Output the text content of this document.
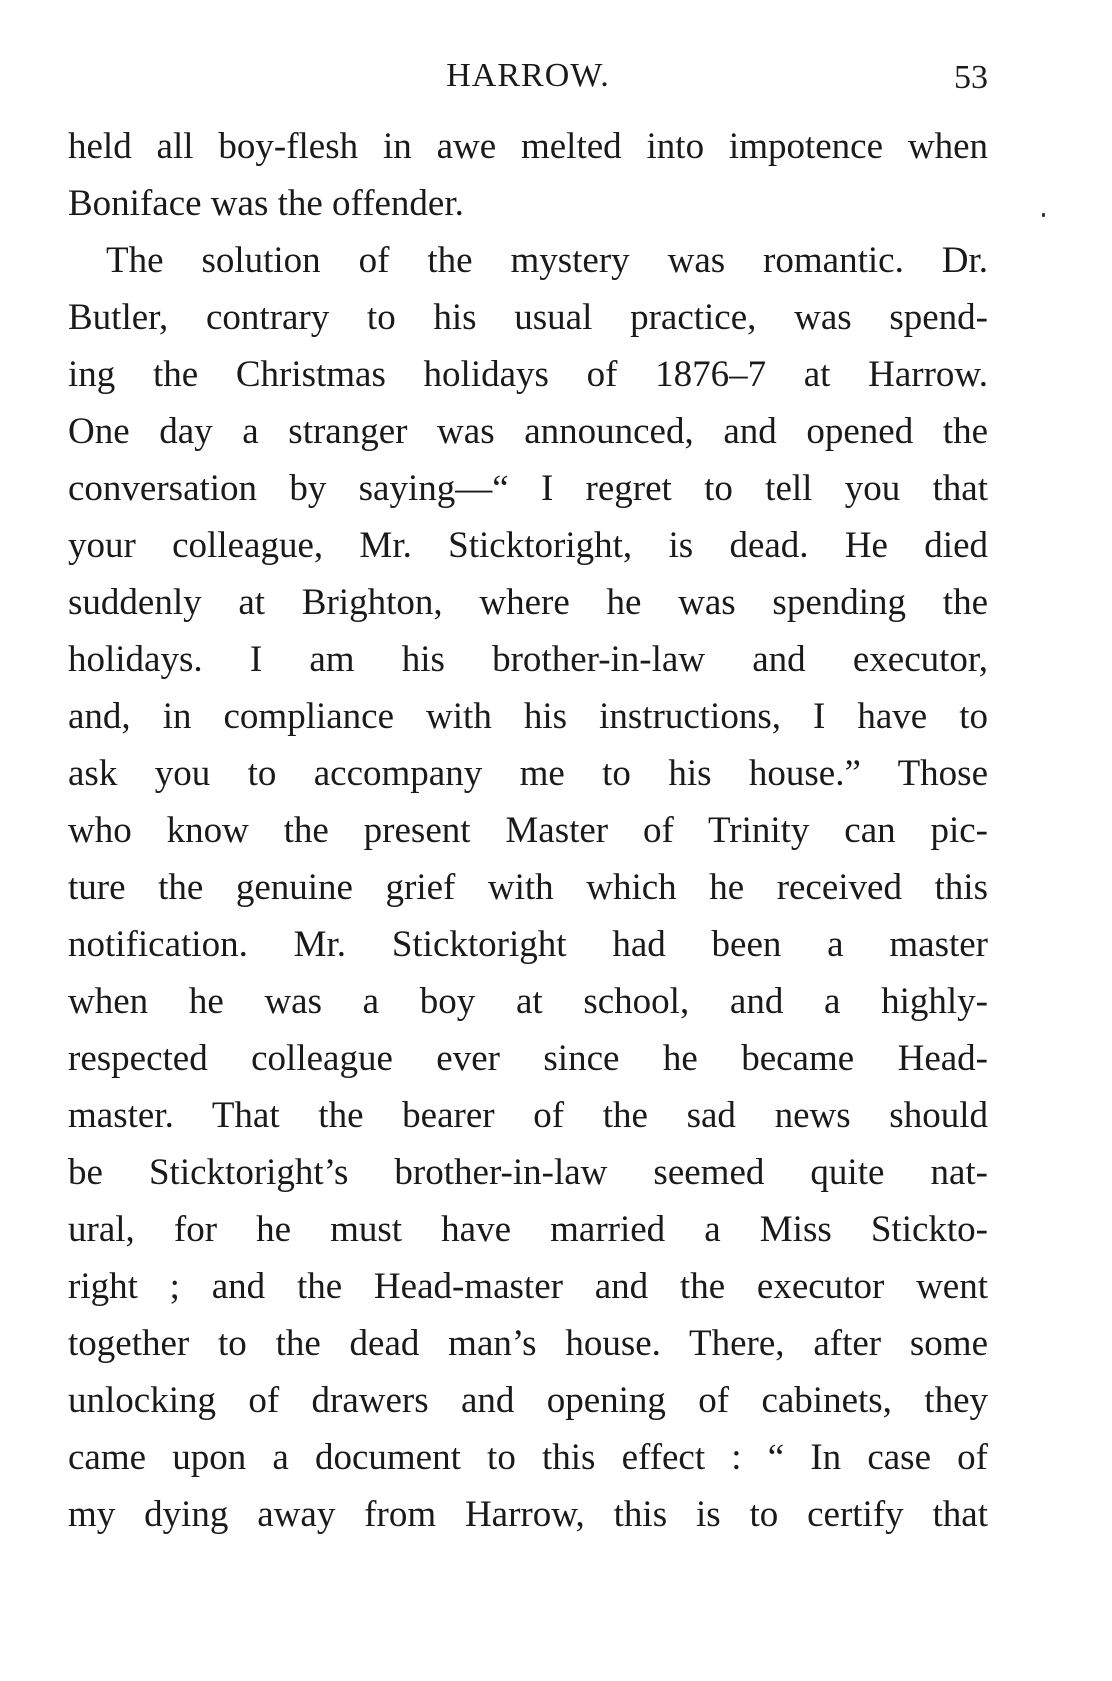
HARROW.	53
held all boy-flesh in awe melted into impotence when
Boniface was the offender.
The solution of the mystery was romantic. Dr.
Butler, contrary to his usual practice, was spend-
ing the Christmas holidays of 1876–7 at Harrow.
One day a stranger was announced, and opened the
conversation by saying—“ I regret to tell you that
your colleague, Mr. Sticktoright, is dead. He died
suddenly at Brighton, where he was spending the
holidays. I am his brother-in-law and executor,
and, in compliance with his instructions, I have to
ask you to accompany me to his house.” Those
who know the present Master of Trinity can pic-
ture the genuine grief with which he received this
notification. Mr. Sticktoright had been a master
when he was a boy at school, and a highly-
respected colleague ever since he became Head-
master. That the bearer of the sad news should
be Sticktoright’s brother-in-law seemed quite nat-
ural, for he must have married a Miss Stickto-
right ; and the Head-master and the executor went
together to the dead man’s house. There, after some
unlocking of drawers and opening of cabinets, they
came upon a document to this effect : “ In case of
my dying away from Harrow, this is to certify that
